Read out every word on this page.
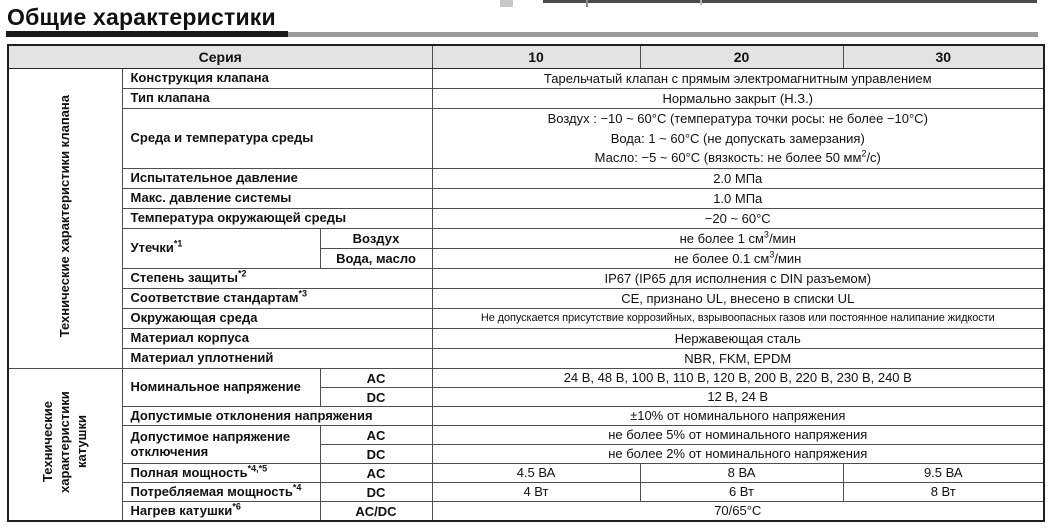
Общие характеристики
Серия			10	20	30
Технические характеристики клапана	Конструкция клапана		Тарельчатый клапан с прямым электромагнитным управлением		
	Тип клапана		Нормально закрыт (Н.З.)		
	Среда и температура среды		Воздух : −10 ~ 60°C (температура точки росы: не более −10°C)
Вода: 1 ~ 60°C (не допускать замерзания)
Масло: −5 ~ 60°C (вязкость: не более 50 $мм^2/с$)		

	Испытательное давление		2.0 МПа		
	Макс. давление системы		1.0 МПа		
	Температура окружающей среды		−20 ~ 60°C		
	Утечки$^{*1}$	Воздух	не более 1 $см^3$/мин		
		Вода, масло	не более 0.1 $см^3$/мин		
	Степень защиты$^{*2}$		IP67 (IP65 для исполнения с DIN разъемом)		
	Соответствие стандартам$^{*3}$		CE, признано UL, внесено в списки UL		
	Окружающая среда		Не допускается присутствие коррозийных, взрывоопасных газов или постоянное налипание жидкости		
	Материал корпуса		Нержавеющая сталь		
	Материал уплотнений		NBR, FKM, EPDM		
Технические характеристики катушки	Номинальное напряжение	AC	24 В, 48 В, 100 В, 110 В, 120 В, 200 В, 220 В, 230 В, 240 В		
		DC	12 В, 24 В		
	Допустимые отклонения напряжения		±10% от номинального напряжения		
	Допустимое напряжение отключения	AC	не более 5% от номинального напряжения		
		DC	не более 2% от номинального напряжения		
	Полная мощность$^{*4,*5}$	AC	4.5 ВА	8 ВА	9.5 ВА
	Потребляемая мощность$^{*4}$	DC	4 Вт	6 Вт	8 Вт
	Нагрев катушки$^{*6}$	AC/DC	70/65°C		
